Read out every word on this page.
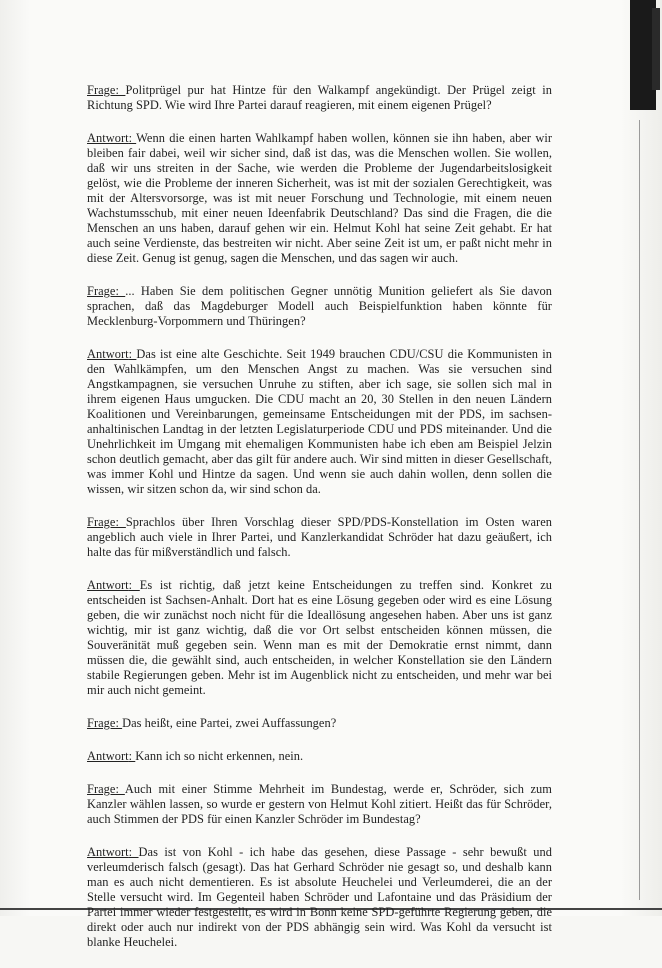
Frage : Politprügel pur hat Hintze für den Walkampf angekündigt. Der Prügel zeigt in Richtung SPD. Wie wird Ihre Partei darauf reagieren, mit einem eigenen Prügel?

Antwort : Wenn die einen harten Wahlkampf haben wollen, können sie ihn haben, aber wir bleiben fair dabei, weil wir sicher sind, daß ist das, was die Menschen wollen. Sie wollen, daß wir uns streiten in der Sache, wie werden die Probleme der Jugendarbeitslosigkeit gelöst, wie die Probleme der inneren Sicherheit, was ist mit der sozialen Gerechtigkeit, was mit der Altersvorsorge, was ist mit neuer Forschung und Technologie, mit einem neuen Wachstumsschub, mit einer neuen Ideenfabrik Deutschland? Das sind die Fragen, die die Menschen an uns haben, darauf gehen wir ein. Helmut Kohl hat seine Zeit gehabt. Er hat auch seine Verdienste, das bestreiten wir nicht. Aber seine Zeit ist um, er paßt nicht mehr in diese Zeit. Genug ist genug, sagen die Menschen, und das sagen wir auch.

Frage : ... Haben Sie dem politischen Gegner unnötig Munition geliefert als Sie davon sprachen, daß das Magdeburger Modell auch Beispielfunktion haben könnte für Mecklenburg-Vorpommern und Thüringen?

Antwort : Das ist eine alte Geschichte. Seit 1949 brauchen CDU/CSU die Kommunisten in den Wahlkämpfen, um den Menschen Angst zu machen. Was sie versuchen sind Angstkampagnen, sie versuchen Unruhe zu stiften, aber ich sage, sie sollen sich mal in ihrem eigenen Haus umgucken. Die CDU macht an 20, 30 Stellen in den neuen Ländern Koalitionen und Vereinbarungen, gemeinsame Entscheidungen mit der PDS, im sachsen-anhaltinischen Landtag in der letzten Legislaturperiode CDU und PDS miteinander. Und die Unehrlichkeit im Umgang mit ehemaligen Kommunisten habe ich eben am Beispiel Jelzin schon deutlich gemacht, aber das gilt für andere auch. Wir sind mitten in dieser Gesellschaft, was immer Kohl und Hintze da sagen. Und wenn sie auch dahin wollen, denn sollen die wissen, wir sitzen schon da, wir sind schon da.

Frage : Sprachlos über Ihren Vorschlag dieser SPD/PDS-Konstellation im Osten waren angeblich auch viele in Ihrer Partei, und Kanzlerkandidat Schröder hat dazu geäußert, ich halte das für mißverständlich und falsch.

Antwort : Es ist richtig, daß jetzt keine Entscheidungen zu treffen sind. Konkret zu entscheiden ist Sachsen-Anhalt. Dort hat es eine Lösung gegeben oder wird es eine Lösung geben, die wir zunächst noch nicht für die Ideallösung angesehen haben. Aber uns ist ganz wichtig, mir ist ganz wichtig, daß die vor Ort selbst entscheiden können müssen, die Souveränität muß gegeben sein. Wenn man es mit der Demokratie ernst nimmt, dann müssen die, die gewählt sind, auch entscheiden, in welcher Konstellation sie den Ländern stabile Regierungen geben. Mehr ist im Augenblick nicht zu entscheiden, und mehr war bei mir auch nicht gemeint.

Frage : Das heißt, eine Partei, zwei Auffassungen?

Antwort : Kann ich so nicht erkennen, nein.

Frage : Auch mit einer Stimme Mehrheit im Bundestag, werde er, Schröder, sich zum Kanzler wählen lassen, so wurde er gestern von Helmut Kohl zitiert. Heißt das für Schröder, auch Stimmen der PDS für einen Kanzler Schröder im Bundestag?

Antwort : Das ist von Kohl - ich habe das gesehen, diese Passage - sehr bewußt und verleumderisch falsch (gesagt). Das hat Gerhard Schröder nie gesagt so, und deshalb kann man es auch nicht dementieren. Es ist absolute Heuchelei und Verleumderei, die an der Stelle versucht wird. Im Gegenteil haben Schröder und Lafontaine und das Präsidium der Partei immer wieder festgestellt, es wird in Bonn keine SPD-geführte Regierung geben, die direkt oder auch nur indirekt von der PDS abhängig sein wird. Was Kohl da versucht ist blanke Heuchelei.
